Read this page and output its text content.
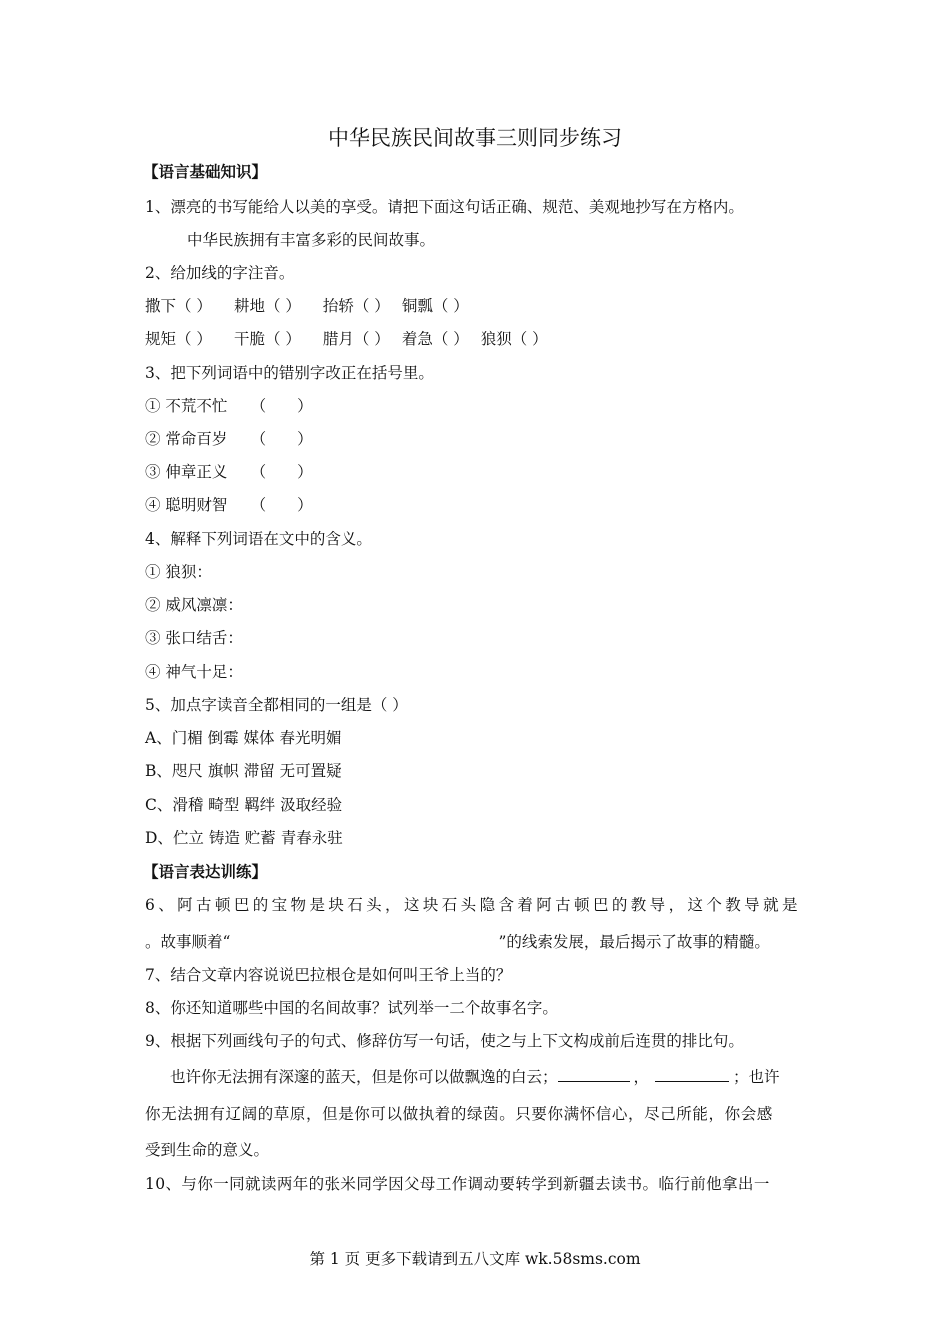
中华民族民间故事三则同步练习
【语言基础知识】
1、漂亮的书写能给人以美的享受。请把下面这句话正确、规范、美观地抄写在方格内。
中华民族拥有丰富多彩的民间故事。
2、给加线的字注音。
撒下（ ） 耕地（ ） 抬轿（ ） 铜瓢（ ）
规矩（ ） 干脆（ ） 腊月（ ） 着急（ ） 狼狈（ ）
3、把下列词语中的错别字改正在括号里。
① 不荒不忙　　（　　）
② 常命百岁　　（　　）
③ 伸章正义　　（　　）
④ 聪明财智　　（　　）
4、解释下列词语在文中的含义。
① 狼狈：
② 威风凛凛：
③ 张口结舌：
④ 神气十足：
5、加点字读音全都相同的一组是（ ）
A、门楣 倒霉 媒体 春光明媚
B、咫尺 旗帜 滞留 无可置疑
C、滑稽 畸型 羁绊 汲取经验
D、伫立 铸造 贮蓄 青春永驻
【语言表达训练】
6、阿古顿巴的宝物是块石头，这块石头隐含着阿古顿巴的教导，这个教导就是
。故事顺着“	”的线索发展，最后揭示了故事的精髓。
7、结合文章内容说说巴拉根仓是如何叫王爷上当的？
8、你还知道哪些中国的名间故事？试列举一二个故事名字。
9、根据下列画线句子的句式、修辞仿写一句话，使之与上下文构成前后连贯的排比句。
也许你无法拥有深邃的蓝天，但是你可以做飘逸的白云；	，	；也许
你无法拥有辽阔的草原，但是你可以做执着的绿茵。只要你满怀信心，尽己所能，你会感
受到生命的意义。
10、与你一同就读两年的张米同学因父母工作调动要转学到新疆去读书。临行前他拿出一
第 1 页 更多下载请到五八文库 wk.58sms.com
